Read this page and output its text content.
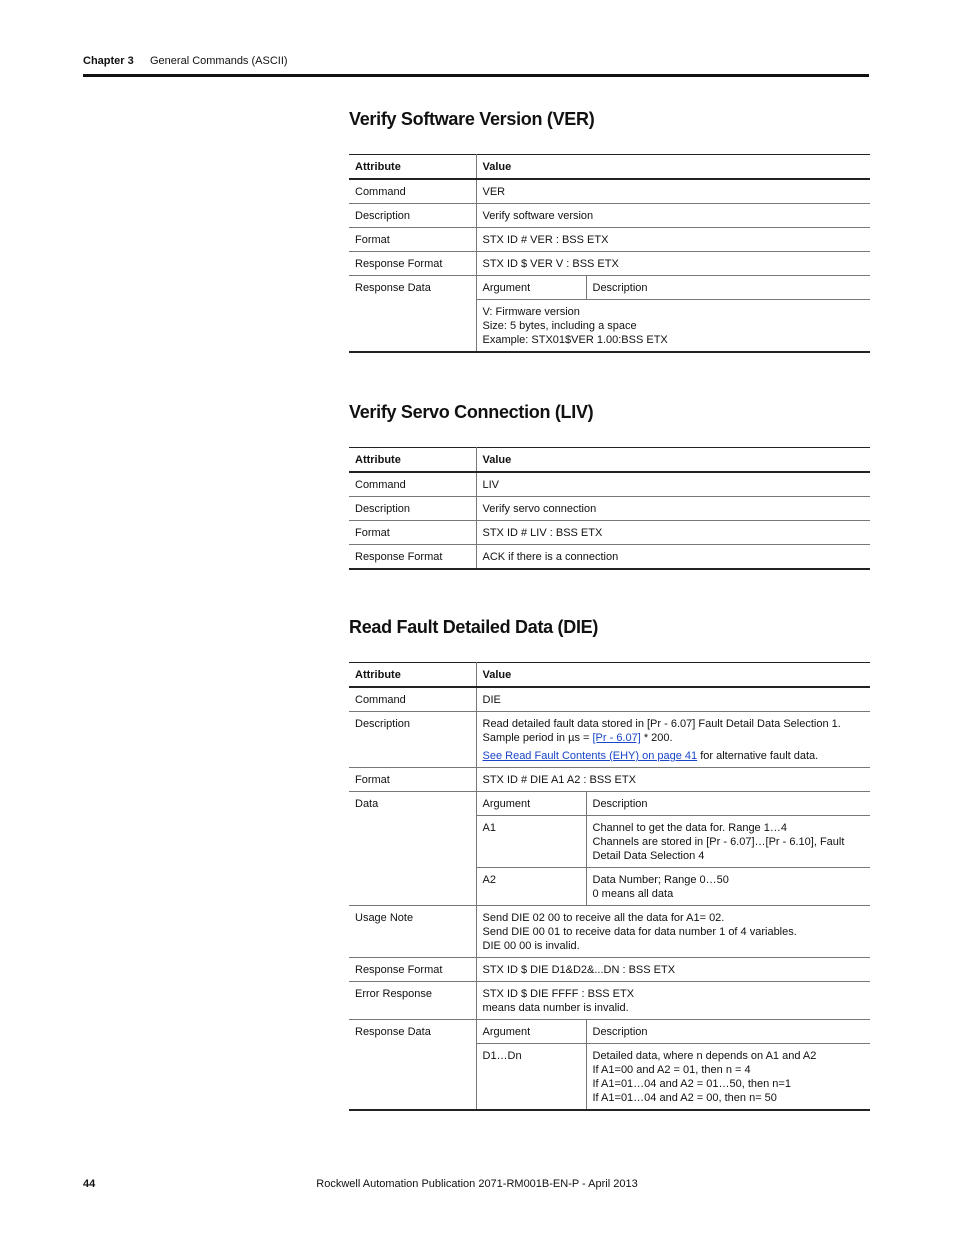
Chapter 3 General Commands (ASCII)
Verify Software Version (VER)
Attribute	Value	
Command	VER	
Description	Verify software version	
Format	STX ID # VER : BSS ETX	
Response Format	STX ID $ VER V : BSS ETX	
Response Data	Argument	Description

	V: Firmware version
Size: 5 bytes, including a space
Example: STX01$VER 1.00:BSS ETX	
Verify Servo Connection (LIV)
Attribute	Value
Command	LIV
Description	Verify servo connection
Format	STX ID # LIV : BSS ETX
Response Format	ACK if there is a connection
Read Fault Detailed Data (DIE)
Attribute	Value	
Command	DIE	
Description	Read detailed fault data stored in [Pr - 6.07] Fault Detail Data Selection 1. Sample period in µs = [Pr - 6.07] * 200.

See Read Fault Contents (EHY) on page 41 for alternative fault data.	

Format	STX ID # DIE A1 A2 : BSS ETX	
Data	Argument	Description
	A1	Channel to get the data for. Range 1…4
Channels are stored in [Pr - 6.07]…[Pr - 6.10], Fault Detail Data Selection 4

	A2	Data Number; Range 0…50
0 means all data

Usage Note	Send DIE 02 00 to receive all the data for A1= 02.
Send DIE 00 01 to receive data for data number 1 of 4 variables.
DIE 00 00 is invalid.	

Response Format	STX ID $ DIE D1&D2&...DN : BSS ETX	
Error Response	STX ID $ DIE FFFF : BSS ETX
means data number is invalid.	

Response Data	Argument	Description
	D1…Dn	Detailed data, where n depends on A1 and A2
If A1=00 and A2 = 01, then n = 4
If A1=01…04 and A2 = 01…50, then n=1
If A1=01…04 and A2 = 00, then n= 50
44	Rockwell Automation Publication 2071-RM001B-EN-P - April 2013
